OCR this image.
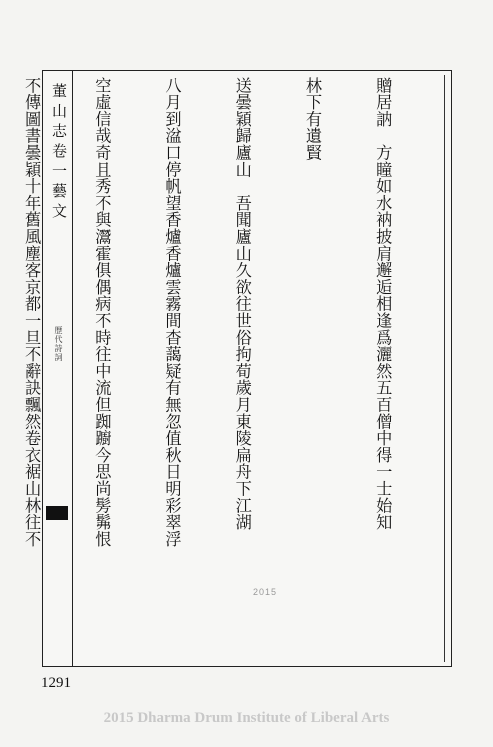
董山志卷一藝文
歷代詩詞

	贈居訥　方瞳如水衲披肩邂逅相逢爲灑然五百僧中得一士始知

林下有遺賢

送曇穎歸廬山　吾聞廬山久欲往世俗拘荀歲月東陵扁舟下江湖

八月到湓口停帆望香爐香爐雲霧間杳藹疑有無忽值秋日明彩翠浮

空虛信哉奇且秀不與灊霍俱偶病不時往中流但踟躕今思尚髣髴恨

不傳圖書曇穎十年舊風塵客京都一旦不辭訣飄然卷衣裾山林往不

2015
1291
2015 Dharma Drum Institute of Liberal Arts
